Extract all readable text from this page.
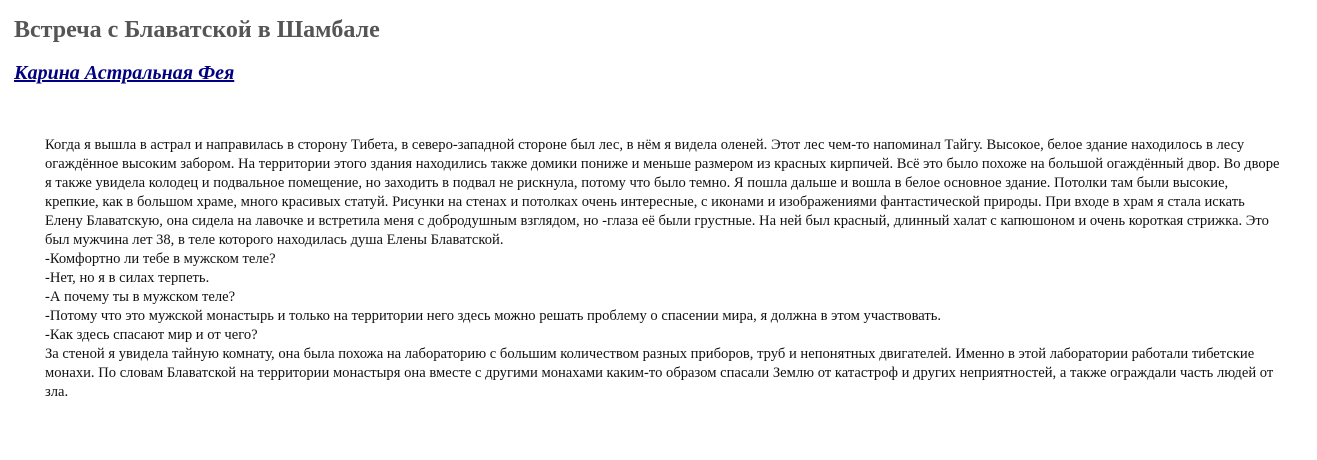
Встреча с Блаватской в Шамбале
Карина Астральная Фея
Когда я вышла в астрал и направилась в сторону Тибета, в северо-западной стороне был лес, в нём я видела оленей. Этот лес чем-то напоминал Тайгу. Высокое, белое здание находилось в лесу огаждённое высоким забором. На территории этого здания находились также домики пониже и меньше размером из красных кирпичей. Всё это было похоже на большой огаждённый двор. Во дворе я также увидела колодец и подвальное помещение, но заходить в подвал не рискнула, потому что было темно. Я пошла дальше и вошла в белое основное здание. Потолки там были высокие, крепкие, как в большом храме, много красивых статуй. Рисунки на стенах и потолках очень интересные, с иконами и изображениями фантастической природы. При входе в храм я стала искать Елену Блаватскую, она сидела на лавочке и встретила меня с добродушным взглядом, но -глаза её были грустные. На ней был красный, длинный халат с капюшоном и очень короткая стрижка. Это был мужчина лет 38, в теле которого находилась душа Елены Блаватской.
-Комфортно ли тебе в мужском теле?
-Нет, но я в силах терпеть.
-А почему ты в мужском теле?
-Потому что это мужской монастырь и только на территории него здесь можно решать проблему о спасении мира, я должна в этом участвовать.
-Как здесь спасают мир и от чего?
За стеной я увидела тайную комнату, она была похожа на лабораторию с большим количеством разных приборов, труб и непонятных двигателей. Именно в этой лаборатории работали тибетские монахи. По словам Блаватской на территории монастыря она вместе с другими монахами каким-то образом спасали Землю от катастроф и других неприятностей, а также ограждали часть людей от зла.
